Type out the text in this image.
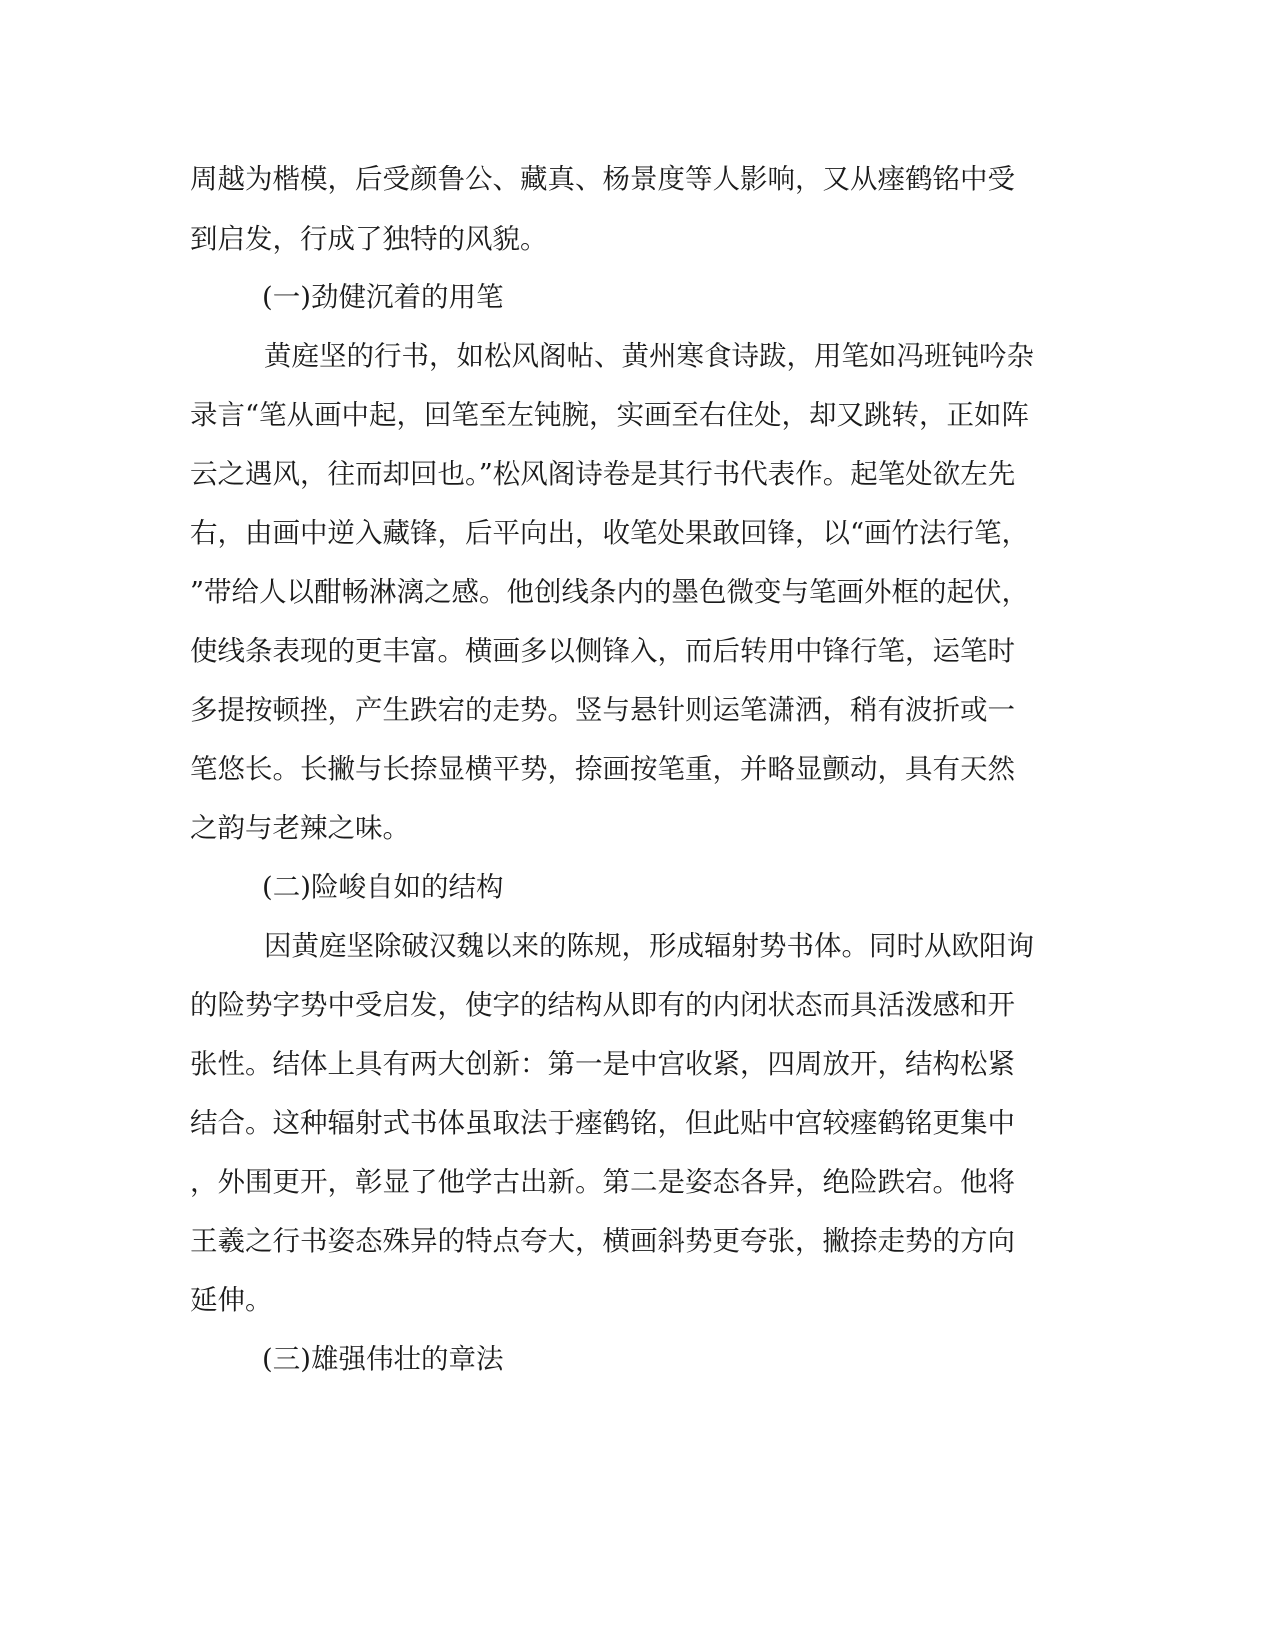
周越为楷模，后受颜鲁公、藏真、杨景度等人影响，又从瘗鹤铭中受

到启发，行成了独特的风貌。

(一)劲健沉着的用笔

黄庭坚的行书，如松风阁帖、黄州寒食诗跋，用笔如冯班钝吟杂

录言“笔从画中起，回笔至左钝腕，实画至右住处，却又跳转，正如阵

云之遇风，往而却回也。”松风阁诗卷是其行书代表作。起笔处欲左先

右，由画中逆入藏锋，后平向出，收笔处果敢回锋，以“画竹法行笔，

”带给人以酣畅淋漓之感。他创线条内的墨色微变与笔画外框的起伏，

使线条表现的更丰富。横画多以侧锋入，而后转用中锋行笔，运笔时

多提按顿挫，产生跌宕的走势。竖与悬针则运笔潇洒，稍有波折或一

笔悠长。长撇与长捺显横平势，捺画按笔重，并略显颤动，具有天然

之韵与老辣之味。

(二)险峻自如的结构

因黄庭坚除破汉魏以来的陈规，形成辐射势书体。同时从欧阳询

的险势字势中受启发，使字的结构从即有的内闭状态而具活泼感和开

张性。结体上具有两大创新：第一是中宫收紧，四周放开，结构松紧

结合。这种辐射式书体虽取法于瘗鹤铭，但此贴中宫较瘗鹤铭更集中

，外围更开，彰显了他学古出新。第二是姿态各异，绝险跌宕。他将

王羲之行书姿态殊异的特点夸大，横画斜势更夸张，撇捺走势的方向

延伸。

(三)雄强伟壮的章法
